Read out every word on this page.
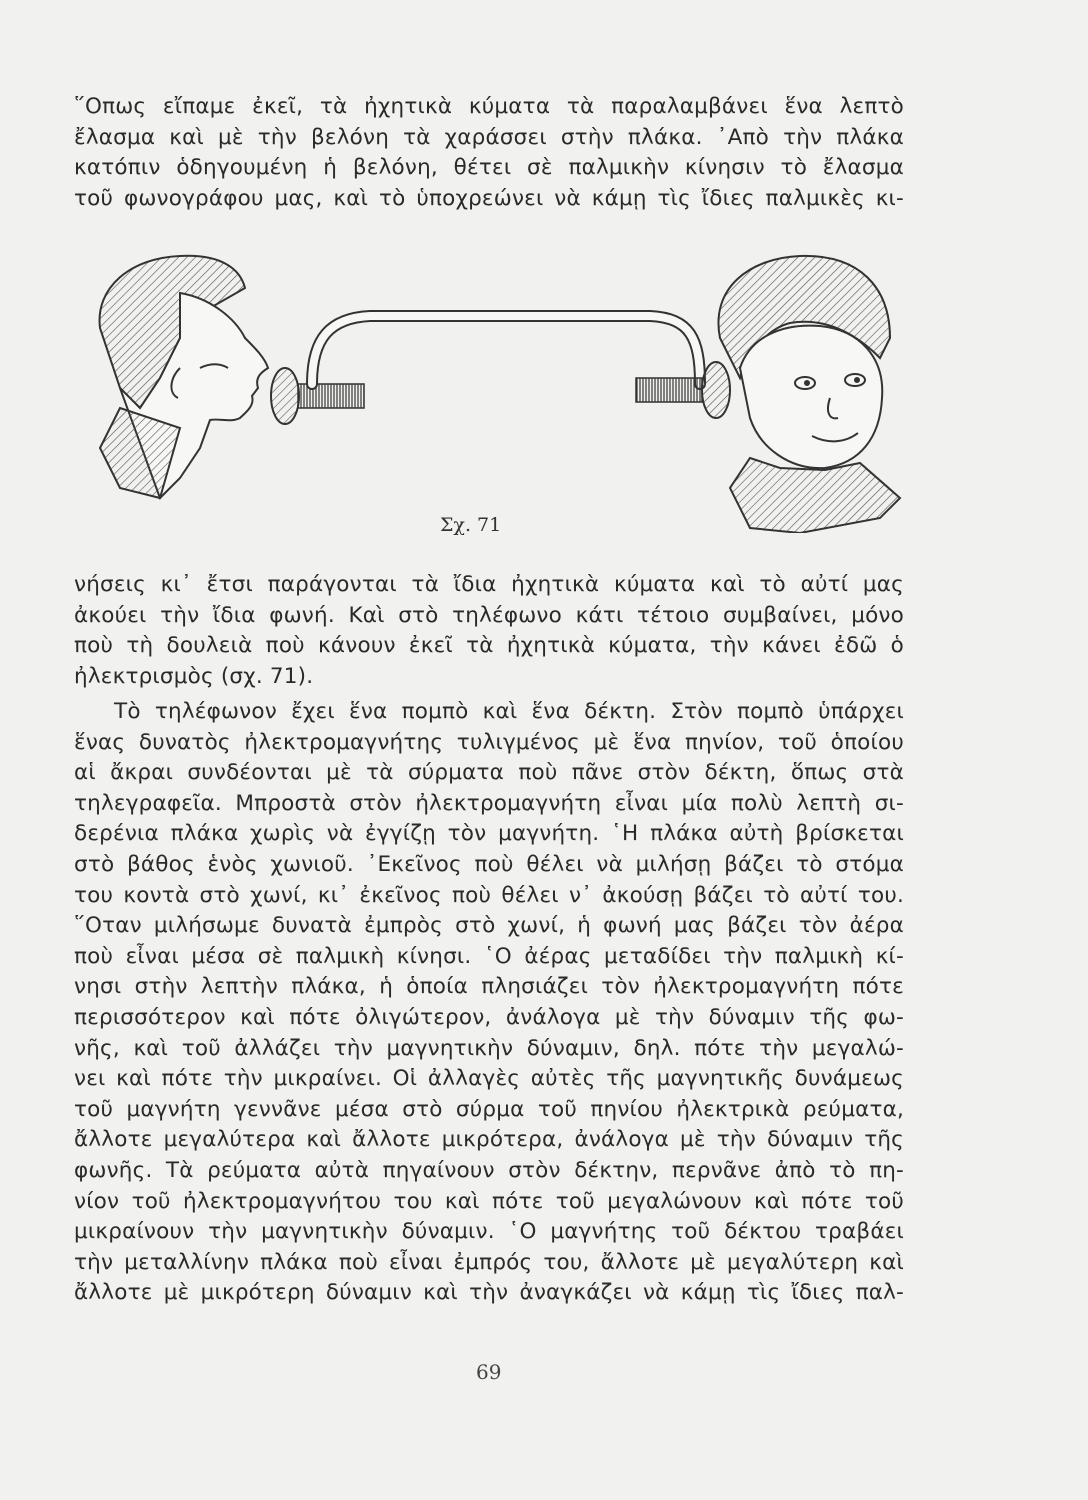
῞Οπως εἴπαμε ἐκεῖ, τὰ ἠχητικὰ κύματα τὰ παραλαμβάνει ἕνα λεπτὸ
ἔλασμα καὶ μὲ τὴν βελόνη τὰ χαράσσει στὴν πλάκα. ᾿Απὸ τὴν πλάκα
κατόπιν ὁδηγουμένη ἡ βελόνη, θέτει σὲ παλμικὴν κίνησιν τὸ ἔλασμα
τοῦ φωνογράφου μας, καὶ τὸ ὑποχρεώνει νὰ κάμῃ τὶς ἴδιες παλμικὲς κι-
Σχ. 71
νήσεις κι᾿ ἔτσι παράγονται τὰ ἴδια ἠχητικὰ κύματα καὶ τὸ αὐτί μας
ἀκούει τὴν ἴδια φωνή. Καὶ στὸ τηλέφωνο κάτι τέτοιο συμβαίνει, μόνο
ποὺ τὴ δουλειὰ ποὺ κάνουν ἐκεῖ τὰ ἠχητικὰ κύματα, τὴν κάνει ἐδῶ ὁ
ἠλεκτρισμὸς (σχ. 71).
Τὸ τηλέφωνον ἔχει ἕνα πομπὸ καὶ ἕνα δέκτη. Στὸν πομπὸ ὑπάρχει
ἕνας δυνατὸς ἠλεκτρομαγνήτης τυλιγμένος μὲ ἕνα πηνίον, τοῦ ὁποίου
αἱ ἄκραι συνδέονται μὲ τὰ σύρματα ποὺ πᾶνε στὸν δέκτη, ὅπως στὰ
τηλεγραφεῖα. Μπροστὰ στὸν ἠλεκτρομαγνήτη εἶναι μία πολὺ λεπτὴ σι-
δερένια πλάκα χωρὶς νὰ ἐγγίζῃ τὸν μαγνήτη. ῾Η πλάκα αὐτὴ βρίσκεται
στὸ βάθος ἑνὸς χωνιοῦ. ᾿Εκεῖνος ποὺ θέλει νὰ μιλήσῃ βάζει τὸ στόμα
του κοντὰ στὸ χωνί, κι᾿ ἐκεῖνος ποὺ θέλει ν᾿ ἀκούσῃ βάζει τὸ αὐτί του.
῞Οταν μιλήσωμε δυνατὰ ἐμπρὸς στὸ χωνί, ἡ φωνή μας βάζει τὸν ἀέρα
ποὺ εἶναι μέσα σὲ παλμικὴ κίνησι. ῾Ο ἀέρας μεταδίδει τὴν παλμικὴ κί-
νησι στὴν λεπτὴν πλάκα, ἡ ὁποία πλησιάζει τὸν ἠλεκτρομαγνήτη πότε
περισσότερον καὶ πότε ὀλιγώτερον, ἀνάλογα μὲ τὴν δύναμιν τῆς φω-
νῆς, καὶ τοῦ ἀλλάζει τὴν μαγνητικὴν δύναμιν, δηλ. πότε τὴν μεγαλώ-
νει καὶ πότε τὴν μικραίνει. Οἱ ἀλλαγὲς αὐτὲς τῆς μαγνητικῆς δυνάμεως
τοῦ μαγνήτη γεννᾶνε μέσα στὸ σύρμα τοῦ πηνίου ἠλεκτρικὰ ρεύματα,
ἄλλοτε μεγαλύτερα καὶ ἄλλοτε μικρότερα, ἀνάλογα μὲ τὴν δύναμιν τῆς
φωνῆς. Τὰ ρεύματα αὐτὰ πηγαίνουν στὸν δέκτην, περνᾶνε ἀπὸ τὸ πη-
νίον τοῦ ἠλεκτρομαγνήτου του καὶ πότε τοῦ μεγαλώνουν καὶ πότε τοῦ
μικραίνουν τὴν μαγνητικὴν δύναμιν. ῾Ο μαγνήτης τοῦ δέκτου τραβάει
τὴν μεταλλίνην πλάκα ποὺ εἶναι ἐμπρός του, ἄλλοτε μὲ μεγαλύτερη καὶ
ἄλλοτε μὲ μικρότερη δύναμιν καὶ τὴν ἀναγκάζει νὰ κάμῃ τὶς ἴδιες παλ-
69
